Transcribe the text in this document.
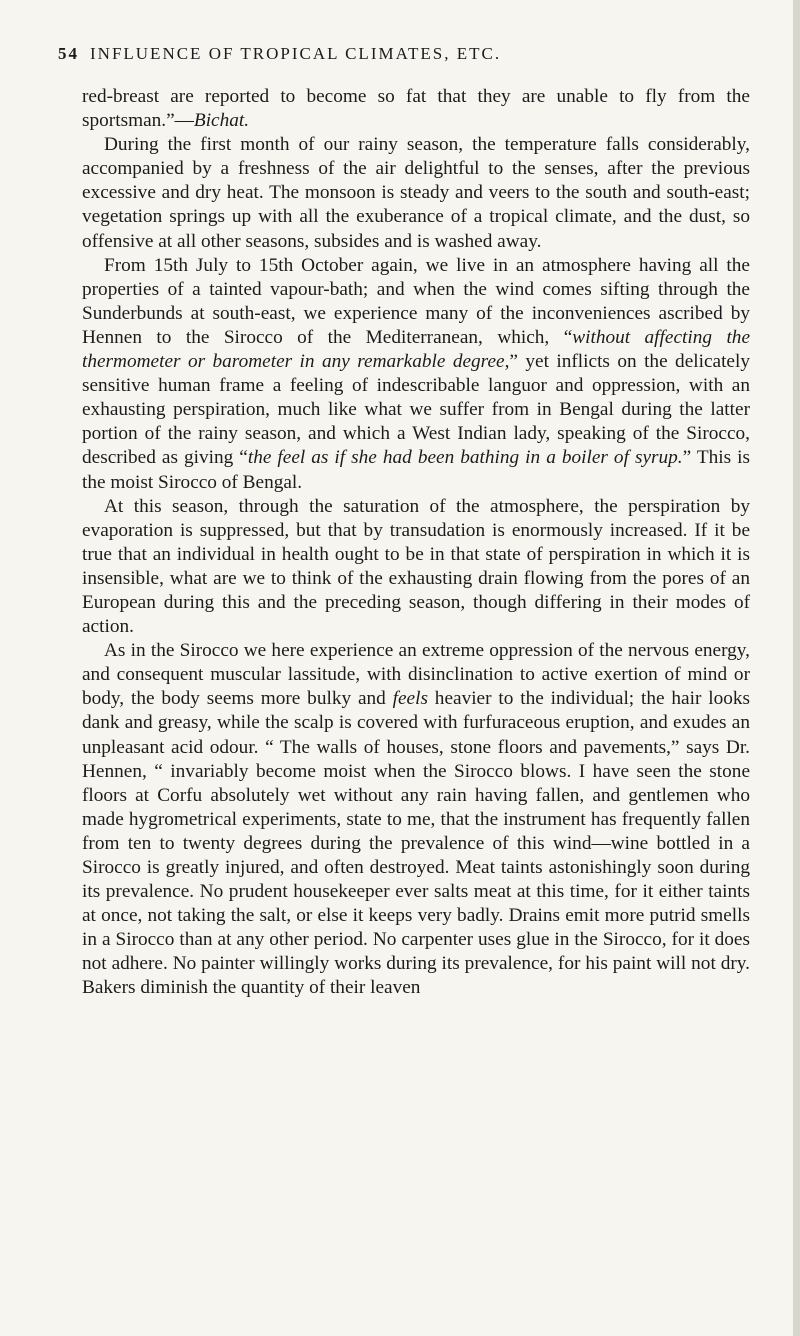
54 INFLUENCE OF TROPICAL CLIMATES, ETC.

red-breast are reported to become so fat that they are unable to fly from the sportsman.”—Bichat.

During the first month of our rainy season, the temperature falls considerably, accompanied by a freshness of the air delightful to the senses, after the previous excessive and dry heat. The monsoon is steady and veers to the south and south-east; vegetation springs up with all the exuberance of a tropical climate, and the dust, so offensive at all other seasons, subsides and is washed away.

From 15th July to 15th October again, we live in an atmosphere having all the properties of a tainted vapour-bath; and when the wind comes sifting through the Sunderbunds at south-east, we experience many of the inconveniences ascribed by Hennen to the Sirocco of the Mediterranean, which, “without affecting the thermometer or barometer in any remarkable degree,” yet inflicts on the delicately sensitive human frame a feeling of indescribable languor and oppression, with an exhausting perspiration, much like what we suffer from in Bengal during the latter portion of the rainy season, and which a West Indian lady, speaking of the Sirocco, described as giving “the feel as if she had been bathing in a boiler of syrup.” This is the moist Sirocco of Bengal.

At this season, through the saturation of the atmosphere, the perspiration by evaporation is suppressed, but that by transudation is enormously increased. If it be true that an individual in health ought to be in that state of perspiration in which it is insensible, what are we to think of the exhausting drain flowing from the pores of an European during this and the preceding season, though differing in their modes of action.

As in the Sirocco we here experience an extreme oppression of the nervous energy, and consequent muscular lassitude, with disinclination to active exertion of mind or body, the body seems more bulky and feels heavier to the individual; the hair looks dank and greasy, while the scalp is covered with furfuraceous eruption, and exudes an unpleasant acid odour. “ The walls of houses, stone floors and pavements,” says Dr. Hennen, “ invariably become moist when the Sirocco blows. I have seen the stone floors at Corfu absolutely wet without any rain having fallen, and gentlemen who made hygrometrical experiments, state to me, that the instrument has frequently fallen from ten to twenty degrees during the prevalence of this wind—wine bottled in a Sirocco is greatly injured, and often destroyed. Meat taints astonishingly soon during its prevalence. No prudent housekeeper ever salts meat at this time, for it either taints at once, not taking the salt, or else it keeps very badly. Drains emit more putrid smells in a Sirocco than at any other period. No carpenter uses glue in the Sirocco, for it does not adhere. No painter willingly works during its prevalence, for his paint will not dry. Bakers diminish the quantity of their leaven
